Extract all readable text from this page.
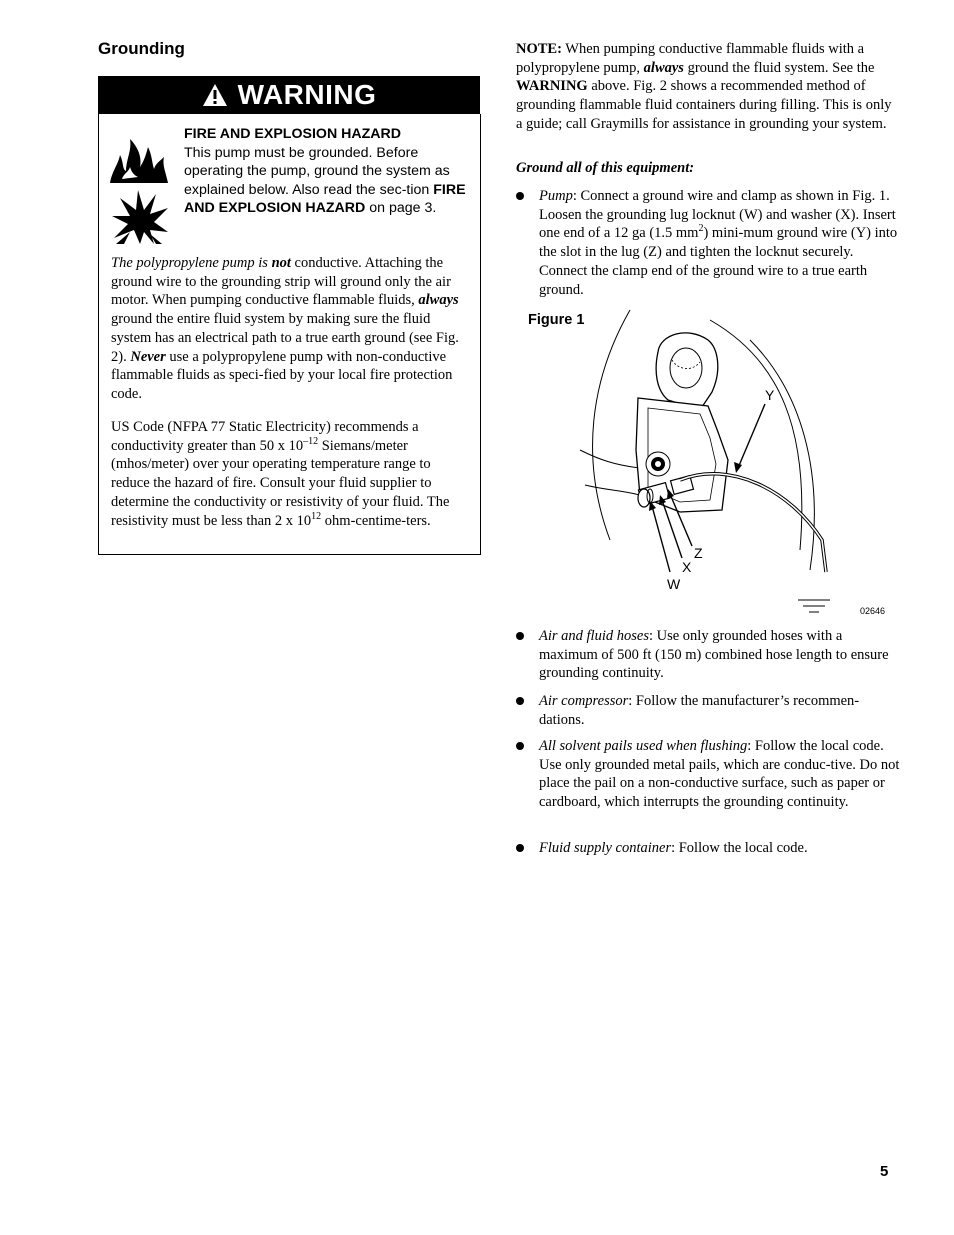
Grounding
WARNING
FIRE AND EXPLOSION HAZARD
This pump must be grounded. Before operating the pump, ground the system as explained below. Also read the sec-tion FIRE AND EXPLOSION HAZARD on page 3.
The polypropylene pump is not conductive. Attaching the ground wire to the grounding strip will ground only the air motor. When pumping conductive flammable fluids, always ground the entire fluid system by making sure the fluid system has an electrical path to a true earth ground (see Fig. 2). Never use a polypropylene pump with non-conductive flammable fluids as speci-fied by your local fire protection code.
US Code (NFPA 77 Static Electricity) recommends a conductivity greater than 50 x $10^{-12}$ Siemans/meter (mhos/meter) over your operating temperature range to reduce the hazard of fire. Consult your fluid supplier to determine the conductivity or resistivity of your fluid. The resistivity must be less than 2 x $10^{12}$ ohm-centime-ters.
NOTE: When pumping conductive flammable fluids with a polypropylene pump, always ground the fluid system. See the WARNING above. Fig. 2 shows a recommended method of grounding flammable fluid containers during filling. This is only a guide; call Graymills for assistance in grounding your system.
Ground all of this equipment:
Pump: Connect a ground wire and clamp as shown in Fig. 1. Loosen the grounding lug locknut (W) and washer (X). Insert one end of a 12 ga (1.5 $mm^2$) mini-mum ground wire (Y) into the slot in the lug (Z) and tighten the locknut securely. Connect the clamp end of the ground wire to a true earth ground.
Figure 1
Y
Z
X
W
02646
Air and fluid hoses: Use only grounded hoses with a maximum of 500 ft (150 m) combined hose length to ensure grounding continuity.
Air compressor: Follow the manufacturer’s recommen-dations.
All solvent pails used when flushing: Follow the local code. Use only grounded metal pails, which are conduc-tive. Do not place the pail on a non-conductive surface, such as paper or cardboard, which interrupts the grounding continuity.
Fluid supply container: Follow the local code.
5
